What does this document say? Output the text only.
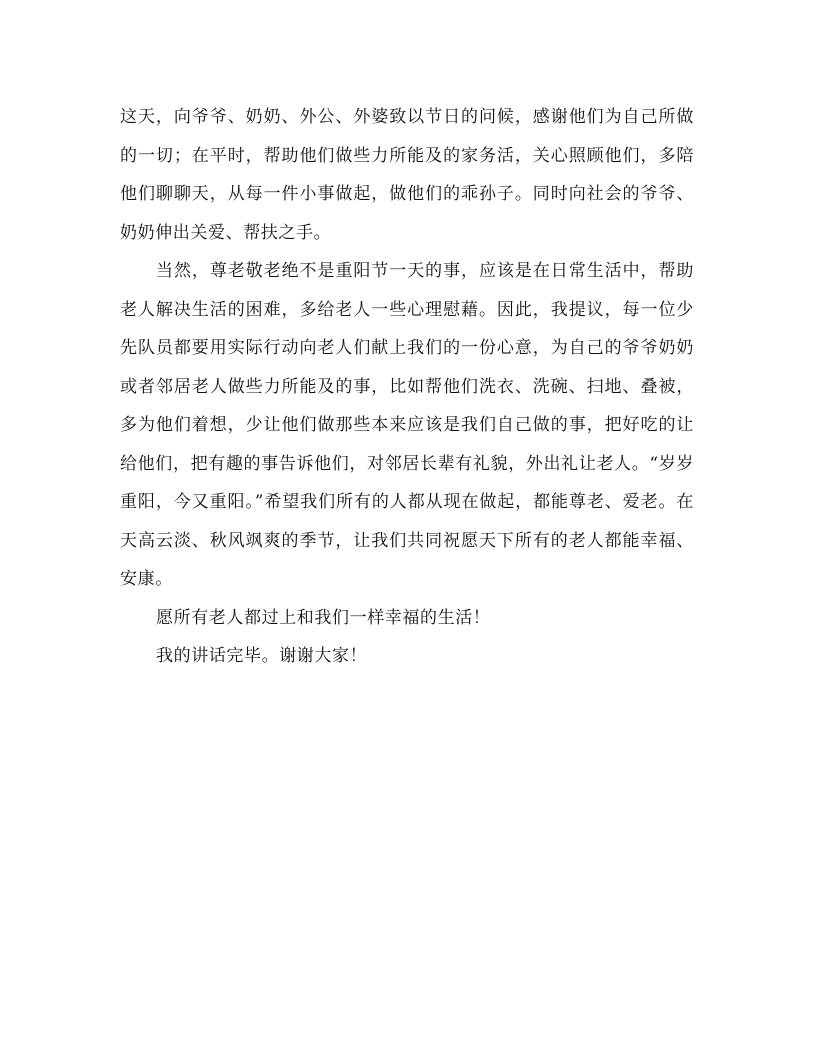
这天，向爷爷、奶奶、外公、外婆致以节日的问候，感谢他们为自己所做的一切；在平时，帮助他们做些力所能及的家务活，关心照顾他们，多陪他们聊聊天，从每一件小事做起，做他们的乖孙子。同时向社会的爷爷、奶奶伸出关爱、帮扶之手。

当然，尊老敬老绝不是重阳节一天的事，应该是在日常生活中，帮助老人解决生活的困难，多给老人一些心理慰藉。因此，我提议，每一位少先队员都要用实际行动向老人们献上我们的一份心意，为自己的爷爷奶奶或者邻居老人做些力所能及的事，比如帮他们洗衣、洗碗、扫地、叠被，多为他们着想，少让他们做那些本来应该是我们自己做的事，把好吃的让给他们，把有趣的事告诉他们，对邻居长辈有礼貌，外出礼让老人。“岁岁重阳，今又重阳。”希望我们所有的人都从现在做起，都能尊老、爱老。在天高云淡、秋风飒爽的季节，让我们共同祝愿天下所有的老人都能幸福、安康。

愿所有老人都过上和我们一样幸福的生活！

我的讲话完毕。谢谢大家！
